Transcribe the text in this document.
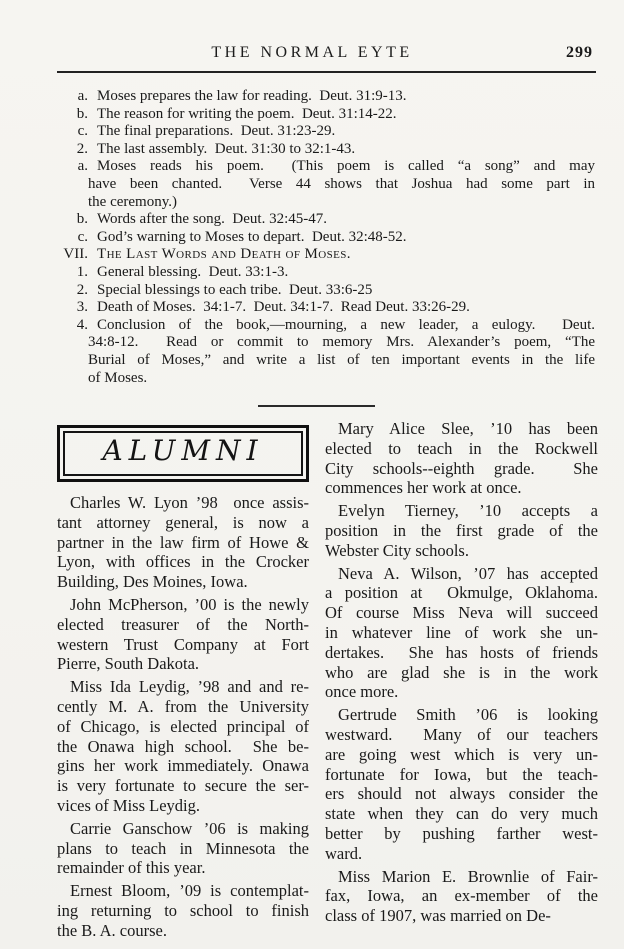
THE NORMAL EYTE	299
a. Moses prepares the law for reading.  Deut. 31:9-13.
b. The reason for writing the poem.  Deut. 31:14-22.
c. The final preparations.  Deut. 31:23-29.
2. The last assembly.  Deut. 31:30 to 32:1-43.
a. Moses reads his poem.  (This poem is called “a song” and may
have been chanted.  Verse 44 shows that Joshua had some part in
the ceremony.)
b. Words after the song.  Deut. 32:45-47.
c. God’s warning to Moses to depart.  Deut. 32:48-52.
VII. The Last Words and Death of Moses.
1. General blessing.  Deut. 33:1-3.
2. Special blessings to each tribe.  Deut. 33:6-25
3. Death of Moses.  34:1-7.  Deut. 34:1-7.  Read Deut. 33:26-29.
4. Conclusion of the book,—mourning, a new leader, a eulogy.  Deut.
34:8-12.  Read or commit to memory Mrs. Alexander’s poem, “The
Burial of Moses,” and write a list of ten important events in the life
of Moses.
ALUMNI
Charles W. Lyon ’98  once assis-
tant attorney general, is now a
partner in the law firm of Howe &
Lyon, with offices in the Crocker
Building, Des Moines, Iowa.
John McPherson, ’00 is the newly
elected treasurer of the North-
western Trust Company at Fort
Pierre, South Dakota.
Miss Ida Leydig, ’98 and and re-
cently M. A. from the University
of Chicago, is elected principal of
the Onawa high school.  She be-
gins her work immediately. Onawa
is very fortunate to secure the ser-
vices of Miss Leydig.
Carrie Ganschow ’06 is making
plans to teach in Minnesota the
remainder of this year.
Ernest Bloom, ’09 is contemplat-
ing returning to school to finish
the B. A. course.
Mary Alice Slee, ’10 has been
elected to teach in the Rockwell
City schools--eighth grade.  She
commences her work at once.
Evelyn Tierney, ’10 accepts a
position in the first grade of the
Webster City schools.
Neva A. Wilson, ’07 has accepted
a position at  Okmulge, Oklahoma.
Of course Miss Neva will succeed
in whatever line of work she un-
dertakes.  She has hosts of friends
who are glad she is in the work
once more.
Gertrude Smith ’06 is looking
westward.  Many of our teachers
are going west which is very un-
fortunate for Iowa, but the teach-
ers should not always consider the
state when they can do very much
better by pushing farther west-
ward.
Miss Marion E. Brownlie of Fair-
fax, Iowa, an ex-member of the
class of 1907, was married on De-
